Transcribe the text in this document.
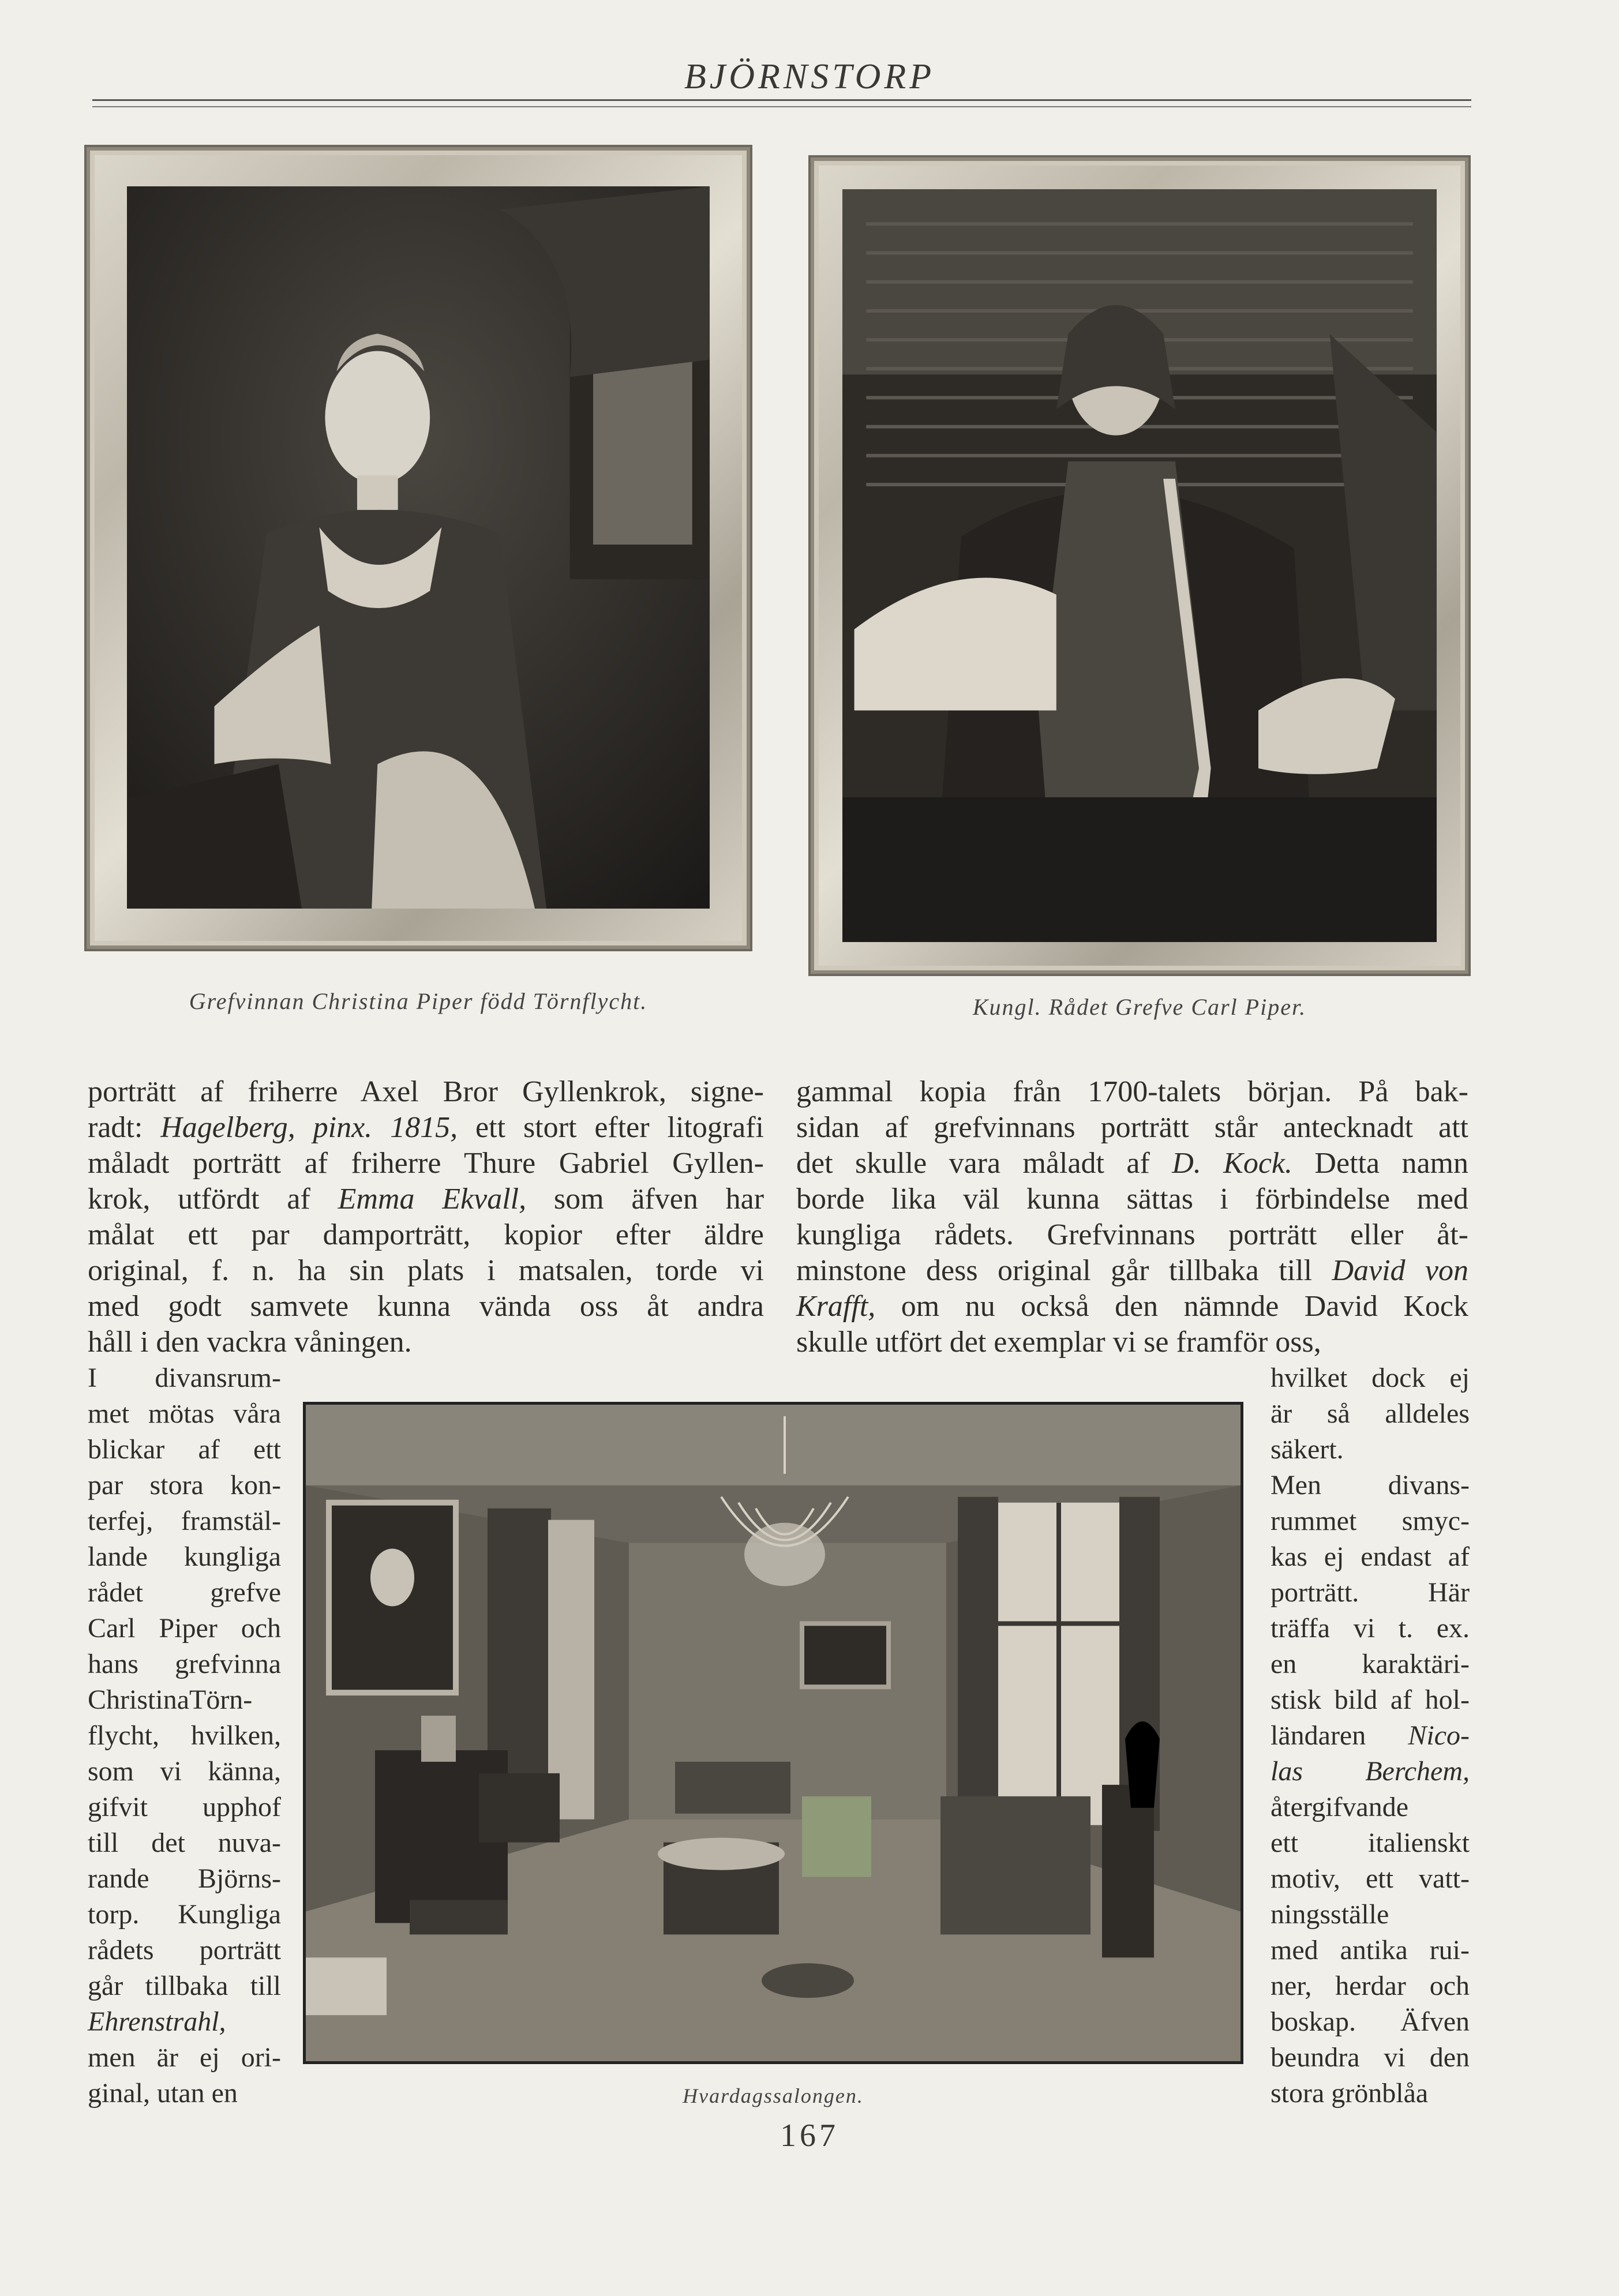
BJÖRNSTORP
Grefvinnan Christina Piper född Törnflycht.	Kungl. Rådet Grefve Carl Piper.

porträtt af friherre Axel Bror Gyllenkrok, signe-

radt: Hagelberg, pinx. 1815, ett stort efter litografi

måladt porträtt af friherre Thure Gabriel Gyllen-

krok, utfördt af Emma Ekvall, som äfven har

målat ett par damporträtt, kopior efter äldre

original, f. n. ha sin plats i matsalen, torde vi

med godt samvete kunna vända oss åt andra

håll i den vackra våningen.

gammal kopia från 1700-talets början. På bak-

sidan af grefvinnans porträtt står antecknadt att

det skulle vara måladt af D. Kock. Detta namn

borde lika väl kunna sättas i förbindelse med

kungliga rådets. Grefvinnans porträtt eller åt-

minstone dess original går tillbaka till David von

Krafft, om nu också den nämnde David Kock

skulle utfört det exemplar vi se framför oss,

I divansrum-

met mötas våra

blickar af ett

par stora kon-

terfej, framstäl-

lande kungliga

rådet grefve

Carl Piper och

hans grefvinna

ChristinaTörn-

flycht, hvilken,

som vi känna,

gifvit upphof

till det nuva-

rande Björns-

torp. Kungliga

rådets porträtt

går tillbaka till

Ehrenstrahl,

men är ej ori-

ginal, utan en

hvilket dock ej

är så alldeles

säkert.

Men divans-

rummet smyc-

kas ej endast af

porträtt. Här

träffa vi t. ex.

en karaktäri-

stisk bild af hol-

ländaren Nico-

las Berchem,

återgifvande

ett italienskt

motiv, ett vatt-

ningsställe

med antika rui-

ner, herdar och

boskap. Äfven

beundra vi den

stora grönblåa

Hvardagssalongen.
167
